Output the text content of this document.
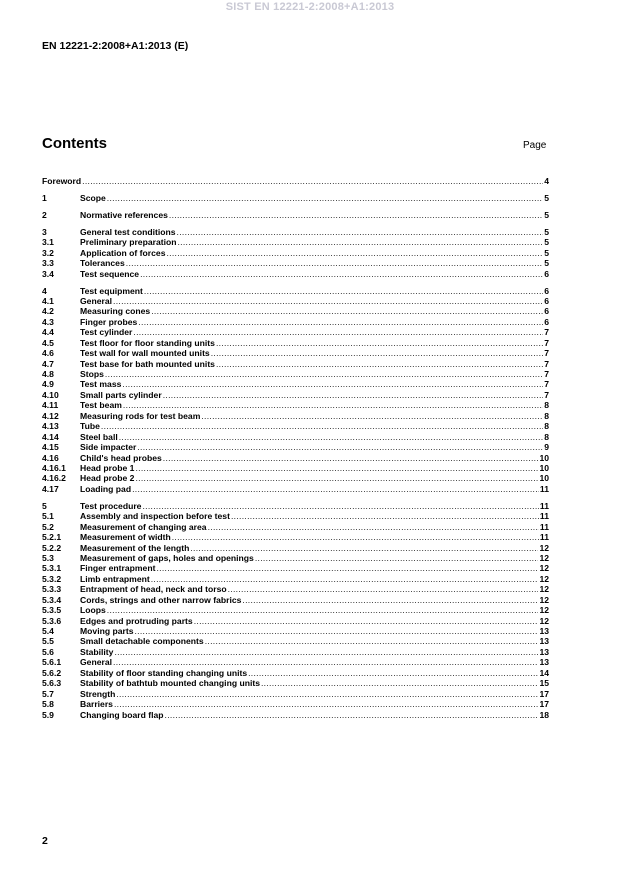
SIST EN 12221-2:2008+A1:2013
EN 12221-2:2008+A1:2013 (E)
Contents	Page
Foreword .....	4
1	Scope .....	5
2	Normative references .....	5
3	General test conditions .....	5
3.1	Preliminary preparation .....	5
3.2	Application of forces .....	5
3.3	Tolerances .....	5
3.4	Test sequence .....	6
4	Test equipment .....	6
4.1	General .....	6
4.2	Measuring cones .....	6
4.3	Finger probes .....	6
4.4	Test cylinder .....	7
4.5	Test floor for floor standing units .....	7
4.6	Test wall for wall mounted units .....	7
4.7	Test base for bath mounted units .....	7
4.8	Stops .....	7
4.9	Test mass .....	7
4.10	Small parts cylinder .....	7
4.11	Test beam .....	8
4.12	Measuring rods for test beam .....	8
4.13	Tube .....	8
4.14	Steel ball .....	8
4.15	Side impacter .....	9
4.16	Child's head probes .....	10
4.16.1	Head probe 1 .....	10
4.16.2	Head probe 2 .....	10
4.17	Loading pad .....	11
5	Test procedure .....	11
5.1	Assembly and inspection before test .....	11
5.2	Measurement of changing area .....	11
5.2.1	Measurement of width .....	11
5.2.2	Measurement of the length .....	12
5.3	Measurement of gaps, holes and openings .....	12
5.3.1	Finger entrapment .....	12
5.3.2	Limb entrapment .....	12
5.3.3	Entrapment of head, neck and torso .....	12
5.3.4	Cords, strings and other narrow fabrics .....	12
5.3.5	Loops .....	12
5.3.6	Edges and protruding parts .....	12
5.4	Moving parts .....	13
5.5	Small detachable components .....	13
5.6	Stability .....	13
5.6.1	General .....	13
5.6.2	Stability of floor standing changing units .....	14
5.6.3	Stability of bathtub mounted changing units .....	15
5.7	Strength .....	17
5.8	Barriers .....	17
5.9	Changing board flap .....	18
2
